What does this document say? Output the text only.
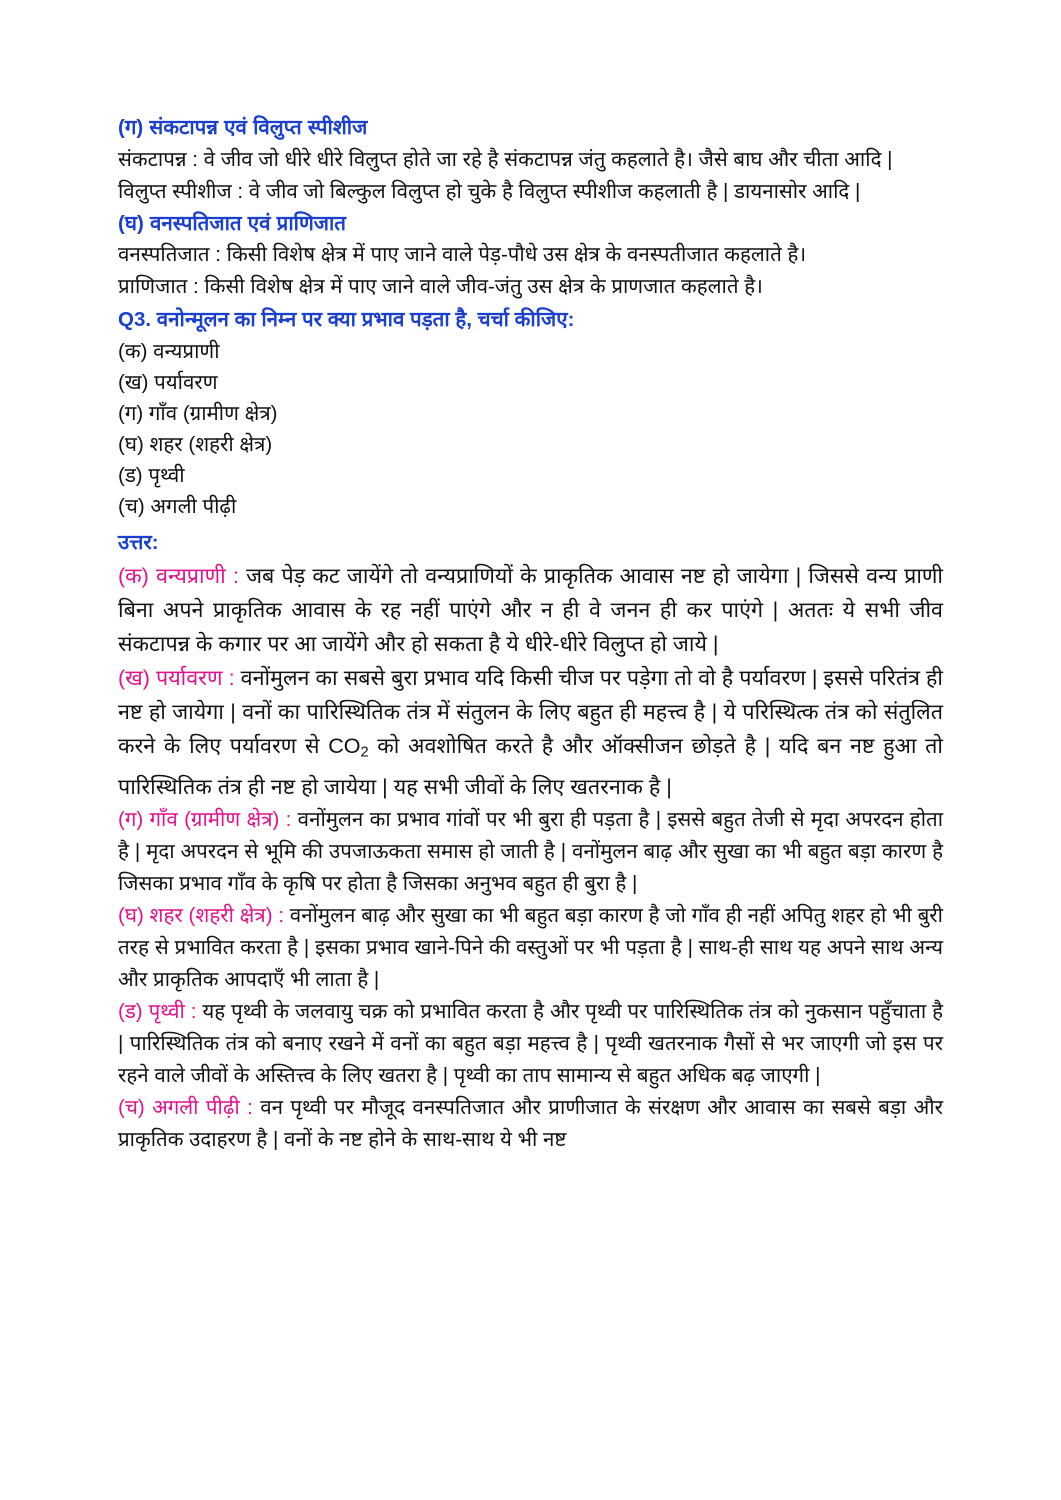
(ग) संकटापन्न एवं विलुप्त स्पीशीज

संकटापन्न : वे जीव जो धीरे धीरे विलुप्त होते जा रहे है संकटापन्न जंतु कहलाते है। जैसे बाघ और चीता आदि |

विलुप्त स्पीशीज : वे जीव जो बिल्कुल विलुप्त हो चुके है विलुप्त स्पीशीज कहलाती है | डायनासोर आदि |

(घ) वनस्पतिजात एवं प्राणिजात

वनस्पतिजात : किसी विशेष क्षेत्र में पाए जाने वाले पेड़-पौधे उस क्षेत्र के वनस्पतीजात कहलाते है।

प्राणिजात : किसी विशेष क्षेत्र में पाए जाने वाले जीव-जंतु उस क्षेत्र के प्राणजात कहलाते है।

Q3. वनोन्मूलन का निम्न पर क्या प्रभाव पड़ता है, चर्चा कीजिए:

(क) वन्यप्राणी

(ख) पर्यावरण

(ग) गाँव (ग्रामीण क्षेत्र)

(घ) शहर (शहरी क्षेत्र)

(ड) पृथ्वी

(च) अगली पीढ़ी

उत्तर:

(क) वन्यप्राणी : जब पेड़ कट जायेंगे तो वन्यप्राणियों के प्राकृतिक आवास नष्ट हो जायेगा | जिससे वन्य प्राणी बिना अपने प्राकृतिक आवास के रह नहीं पाएंगे और न ही वे जनन ही कर पाएंगे | अततः ये सभी जीव संकटापन्न के कगार पर आ जायेंगे और हो सकता है ये धीरे-धीरे विलुप्त हो जाये |

(ख) पर्यावरण : वनोंमुलन का सबसे बुरा प्रभाव यदि किसी चीज पर पड़ेगा तो वो है पर्यावरण | इससे परितंत्र ही नष्ट हो जायेगा | वनों का पारिस्थितिक तंत्र में संतुलन के लिए बहुत ही महत्त्व है | ये परिस्थित्क तंत्र को संतुलित करने के लिए पर्यावरण से $CO_2$ को अवशोषित करते है और ऑक्सीजन छोड़ते है | यदि बन नष्ट हुआ तो पारिस्थितिक तंत्र ही नष्ट हो जायेया | यह सभी जीवों के लिए खतरनाक है |

(ग) गाँव (ग्रामीण क्षेत्र) : वनोंमुलन का प्रभाव गांवों पर भी बुरा ही पड़ता है | इससे बहुत तेजी से मृदा अपरदन होता है | मृदा अपरदन से भूमि की उपजाऊकता समास हो जाती है | वनोंमुलन बाढ़ और सुखा का भी बहुत बड़ा कारण है जिसका प्रभाव गाँव के कृषि पर होता है जिसका अनुभव बहुत ही बुरा है |

(घ) शहर (शहरी क्षेत्र) : वनोंमुलन बाढ़ और सुखा का भी बहुत बड़ा कारण है जो गाँव ही नहीं अपितु शहर हो भी बुरी तरह से प्रभावित करता है | इसका प्रभाव खाने-पिने की वस्तुओं पर भी पड़ता है | साथ-ही साथ यह अपने साथ अन्य और प्राकृतिक आपदाएँ भी लाता है |

(ड) पृथ्वी : यह पृथ्वी के जलवायु चक्र को प्रभावित करता है और पृथ्वी पर पारिस्थितिक तंत्र को नुकसान पहुँचाता है | पारिस्थितिक तंत्र को बनाए रखने में वनों का बहुत बड़ा महत्त्व है | पृथ्वी खतरनाक गैसों से भर जाएगी जो इस पर रहने वाले जीवों के अस्तित्त्व के लिए खतरा है | पृथ्वी का ताप सामान्य से बहुत अधिक बढ़ जाएगी |

(च) अगली पीढ़ी : वन पृथ्वी पर मौजूद वनस्पतिजात और प्राणीजात के संरक्षण और आवास का सबसे बड़ा और प्राकृतिक उदाहरण है | वनों के नष्ट होने के साथ-साथ ये भी नष्ट
